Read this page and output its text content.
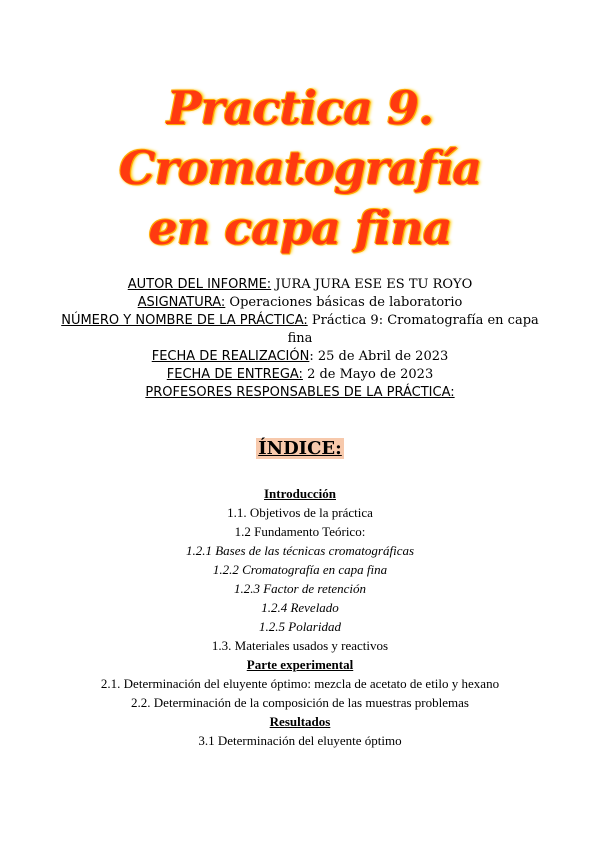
Practica 9. Cromatografía
en capa fina
AUTOR DEL INFORME: JURA JURA ESE ES TU ROYO
ASIGNATURA: Operaciones básicas de laboratorio
NÚMERO Y NOMBRE DE LA PRÁCTICA: Práctica 9: Cromatografía en capa fina
FECHA DE REALIZACIÓN: 25 de Abril de 2023
FECHA DE ENTREGA: 2 de Mayo de 2023
PROFESORES RESPONSABLES DE LA PRÁCTICA:
ÍNDICE:
Introducción
1.1. Objetivos de la práctica
1.2 Fundamento Teórico:
1.2.1 Bases de las técnicas cromatográficas
1.2.2 Cromatografía en capa fina
1.2.3 Factor de retención
1.2.4 Revelado
1.2.5 Polaridad
1.3. Materiales usados y reactivos
Parte experimental
2.1. Determinación del eluyente óptimo: mezcla de acetato de etilo y hexano
2.2. Determinación de la composición de las muestras problemas
Resultados
3.1 Determinación del eluyente óptimo
